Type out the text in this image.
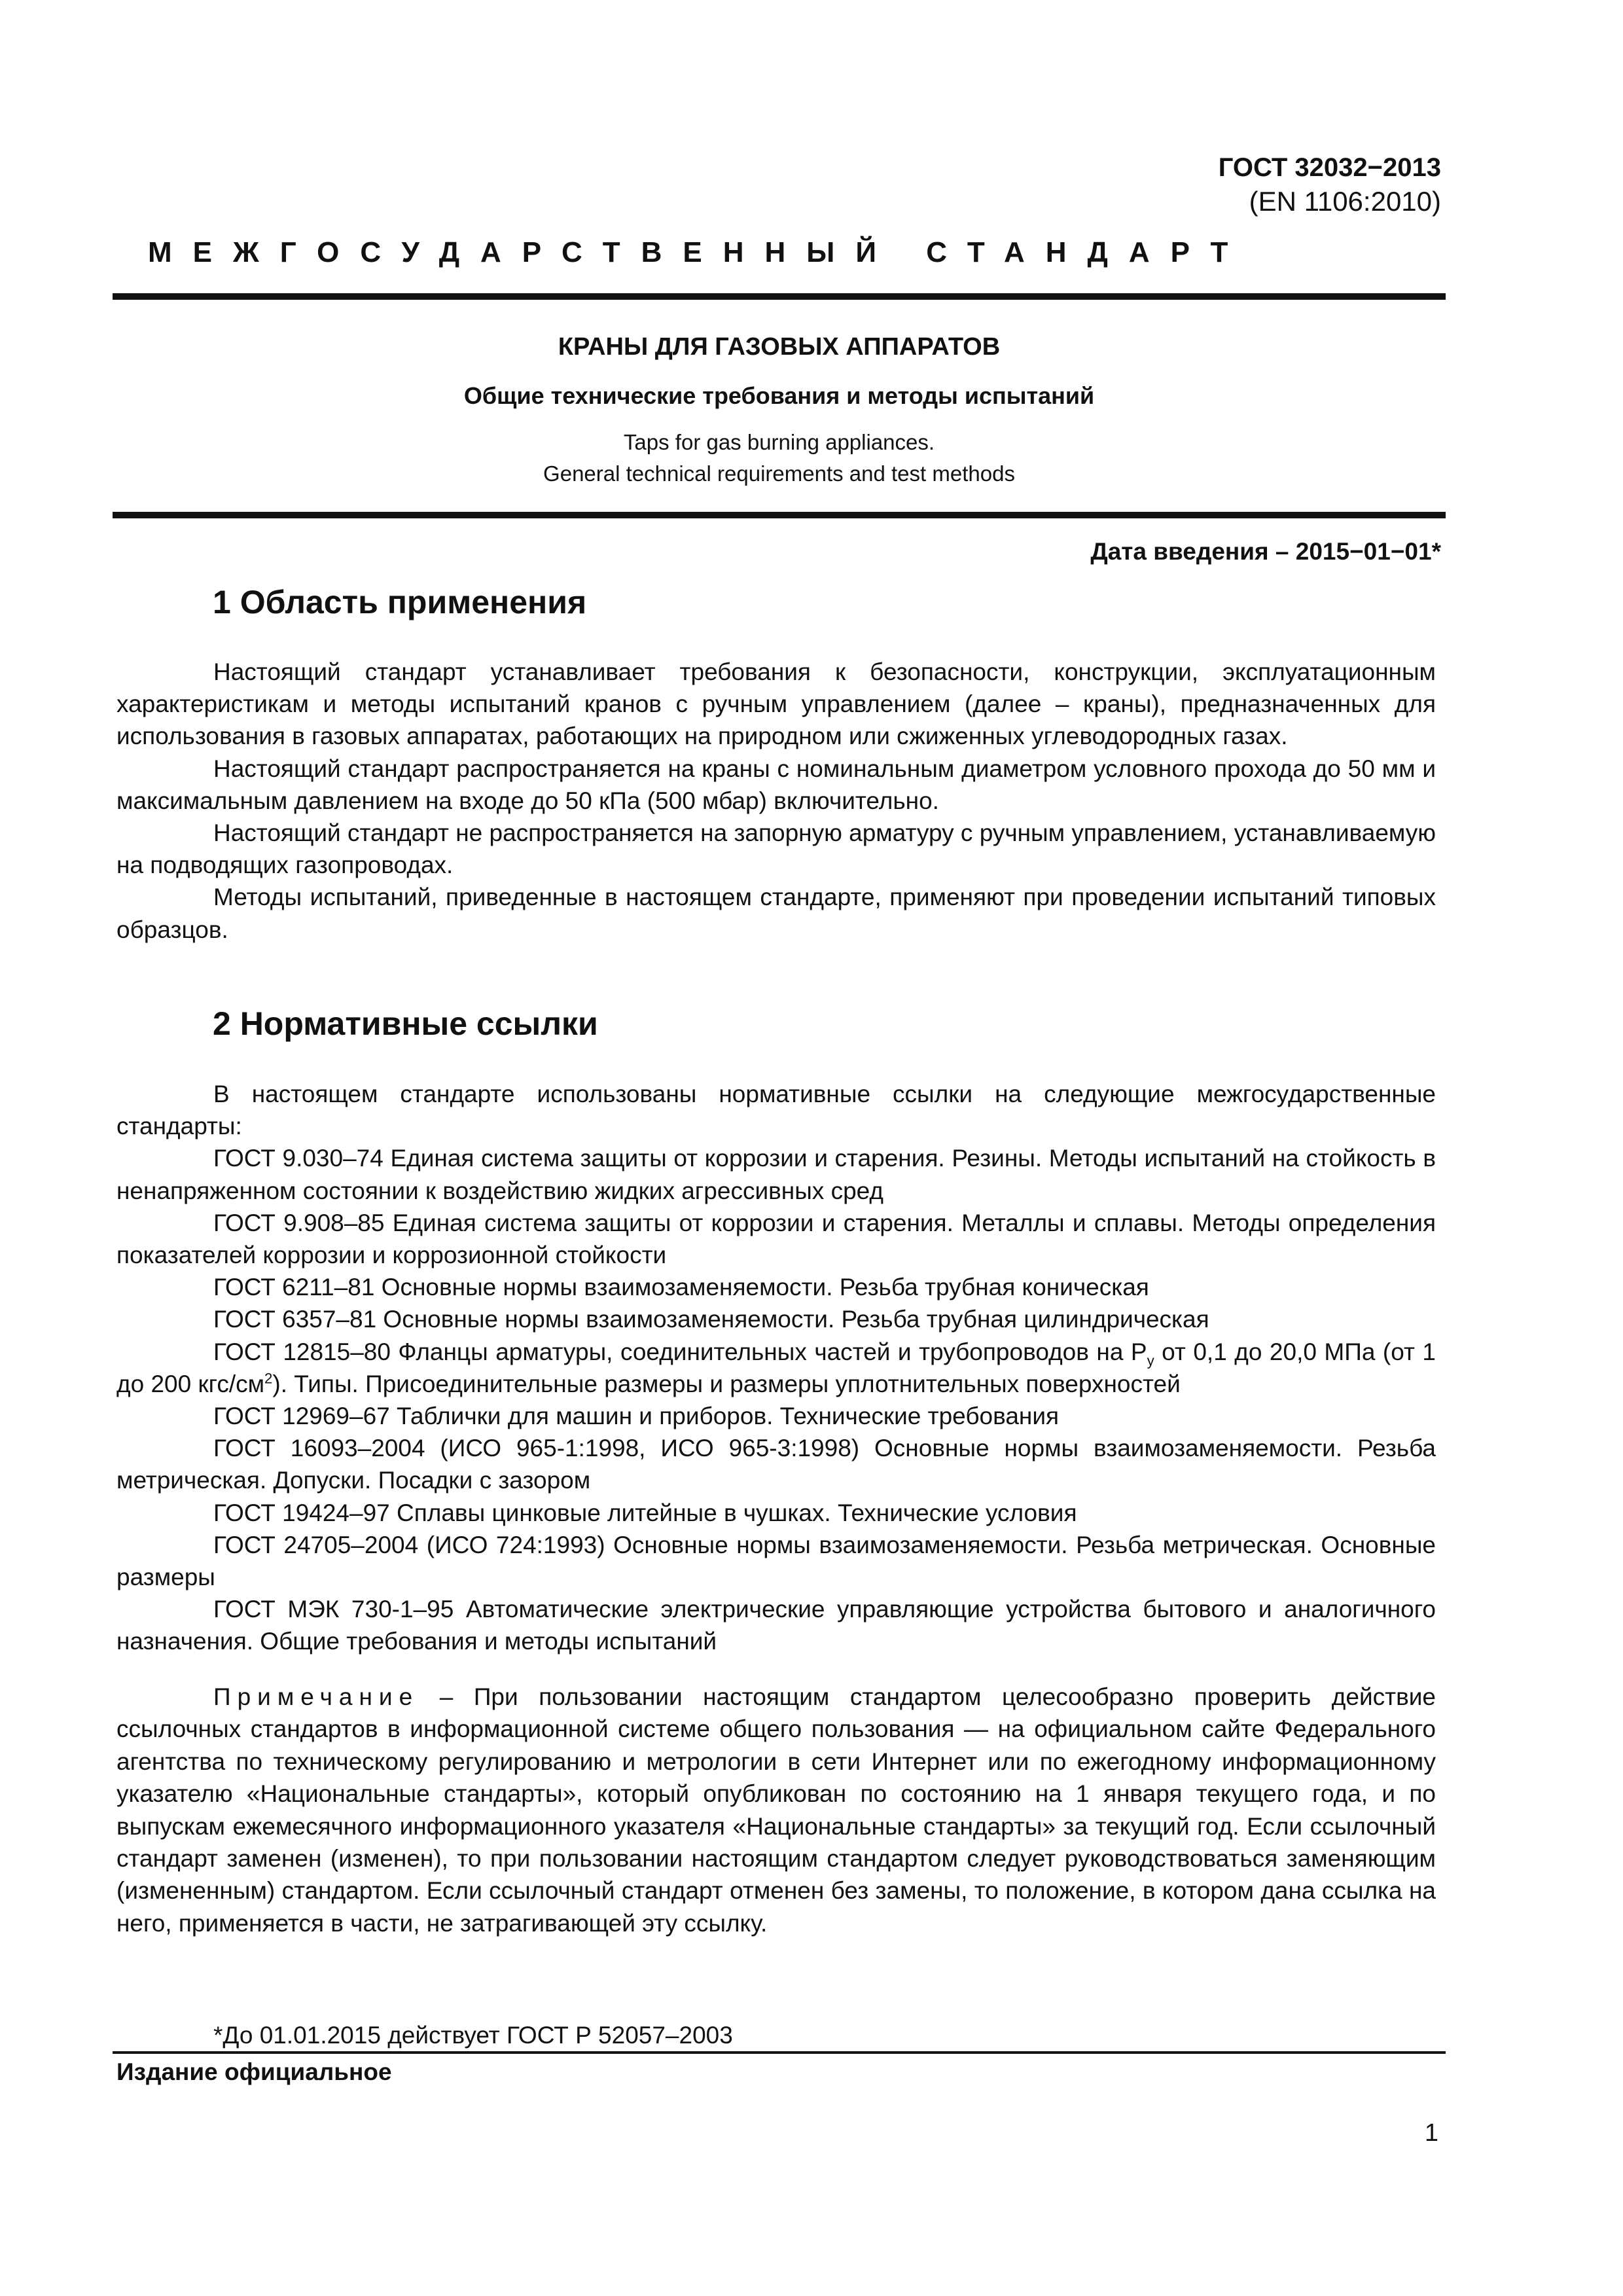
ГОСТ 32032−2013
(EN 1106:2010)
МЕЖГОСУДАРСТВЕННЫЙ СТАНДАРТ
КРАНЫ ДЛЯ ГАЗОВЫХ АППАРАТОВ
Общие технические требования и методы испытаний
Taps for gas burning appliances.
General technical requirements and test methods
Дата введения – 2015−01−01*
1 Область применения

Настоящий стандарт устанавливает требования к безопасности, конструкции, эксплуатационным характеристикам и методы испытаний кранов с ручным управлением (далее – краны), предназначенных для использования в газовых аппаратах, работающих на природном или сжиженных углеводородных газах.

Настоящий стандарт распространяется на краны с номинальным диаметром условного прохода до 50 мм и максимальным давлением на входе до 50 кПа (500 мбар) включительно.

Настоящий стандарт не распространяется на запорную арматуру с ручным управлением, устанавливаемую на подводящих газопроводах.

Методы испытаний, приведенные в настоящем стандарте, применяют при проведении испытаний типовых образцов.

2 Нормативные ссылки

В настоящем стандарте использованы нормативные ссылки на следующие межгосударственные стандарты:

ГОСТ 9.030–74 Единая система защиты от коррозии и старения. Резины. Методы испытаний на стойкость в ненапряженном состоянии к воздействию жидких агрессивных сред

ГОСТ 9.908–85 Единая система защиты от коррозии и старения. Металлы и сплавы. Методы определения показателей коррозии и коррозионной стойкости

ГОСТ 6211–81 Основные нормы взаимозаменяемости. Резьба трубная коническая

ГОСТ 6357–81 Основные нормы взаимозаменяемости. Резьба трубная цилиндрическая

ГОСТ 12815–80 Фланцы арматуры, соединительных частей и трубопроводов на $P_y$ от 0,1 до 20,0 МПа (от 1 до 200 кгс/$см^2$). Типы. Присоединительные размеры и размеры уплотнительных поверхностей

ГОСТ 12969–67 Таблички для машин и приборов. Технические требования

ГОСТ 16093–2004 (ИСО 965-1:1998, ИСО 965-3:1998) Основные нормы взаимозаменяемости. Резьба метрическая. Допуски. Посадки с зазором

ГОСТ 19424–97 Сплавы цинковые литейные в чушках. Технические условия

ГОСТ 24705–2004 (ИСО 724:1993) Основные нормы взаимозаменяемости. Резьба метрическая. Основные размеры

ГОСТ МЭК 730-1–95 Автоматические электрические управляющие устройства бытового и аналогичного назначения. Общие требования и методы испытаний

Примечание – При пользовании настоящим стандартом целесообразно проверить действие ссылочных стандартов в информационной системе общего пользования — на официальном сайте Федерального агентства по техническому регулированию и метрологии в сети Интернет или по ежегодному информационному указателю «Национальные стандарты», который опубликован по состоянию на 1 января текущего года, и по выпускам ежемесячного информационного указателя «Национальные стандарты» за текущий год. Если ссылочный стандарт заменен (изменен), то при пользовании настоящим стандартом следует руководствоваться заменяющим (измененным) стандартом. Если ссылочный стандарт отменен без замены, то положение, в котором дана ссылка на него, применяется в части, не затрагивающей эту ссылку.

*До 01.01.2015 действует ГОСТ Р 52057–2003
Издание официальное
1
